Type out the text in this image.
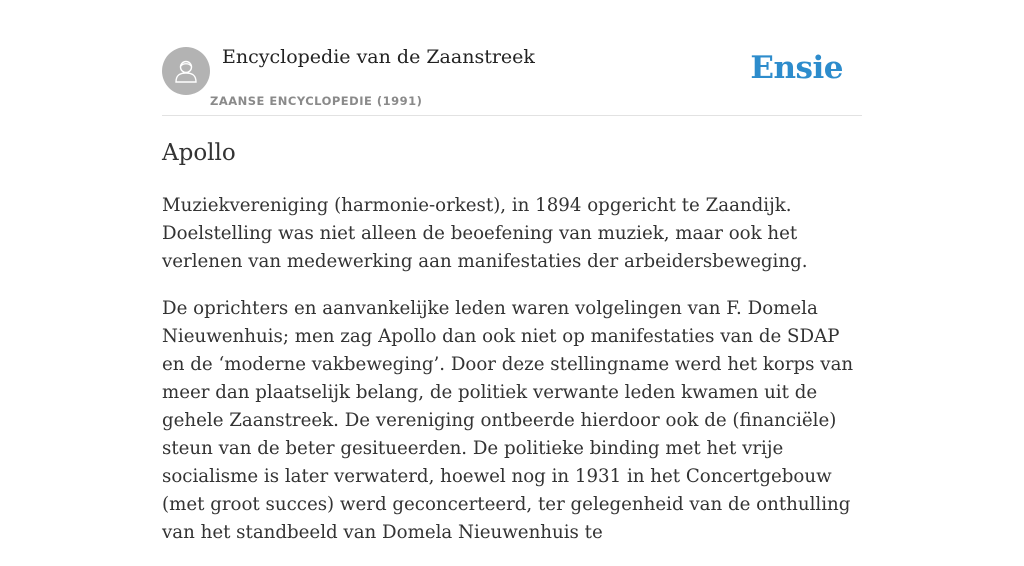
Encyclopedie van de Zaanstreek
ZAANSE ENCYCLOPEDIE (1991)
Ensie
Apollo

Muziekvereniging (harmonie-orkest), in 1894 opgericht te Zaandijk. Doelstelling was niet alleen de beoefening van muziek, maar ook het verlenen van medewerking aan manifestaties der arbeidersbeweging.

De oprichters en aanvankelijke leden waren volgelingen van F. Domela Nieuwenhuis; men zag Apollo dan ook niet op manifestaties van de SDAP en de ‘moderne vakbeweging’. Door deze stellingname werd het korps van meer dan plaatselijk belang, de politiek verwante leden kwamen uit de gehele Zaanstreek. De vereniging ontbeerde hierdoor ook de (financiële) steun van de beter gesitueerden. De politieke binding met het vrije socialisme is later verwaterd, hoewel nog in 1931 in het Concertgebouw (met groot succes) werd geconcerteerd, ter gelegenheid van de onthulling van het standbeeld van Domela Nieuwenhuis te
